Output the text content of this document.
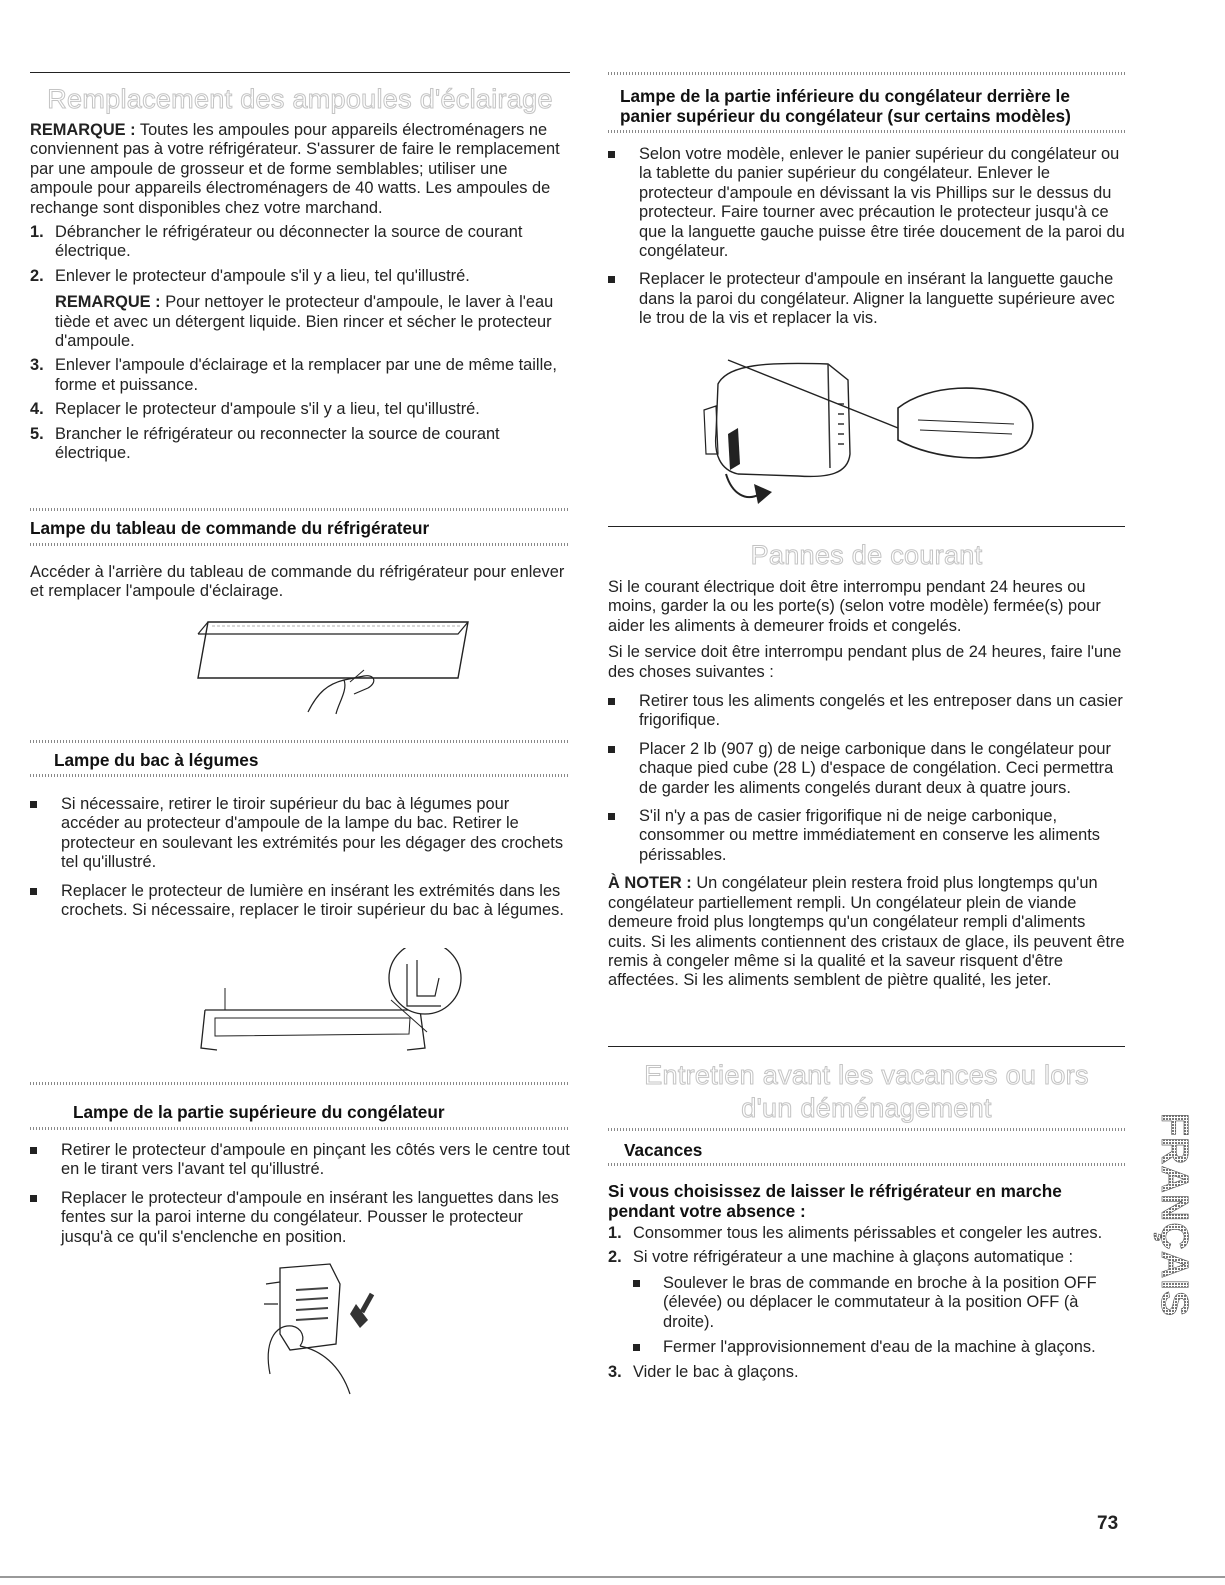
Remplacement des ampoules d'éclairage

REMARQUE : Toutes les ampoules pour appareils électroménagers ne conviennent pas à votre réfrigérateur. S'assurer de faire le remplacement par une ampoule de grosseur et de forme semblables; utiliser une ampoule pour appareils électroménagers de 40 watts. Les ampoules de rechange sont disponibles chez votre marchand.

1. Débrancher le réfrigérateur ou déconnecter la source de courant électrique.
2. Enlever le protecteur d'ampoule s'il y a lieu, tel qu'illustré.

REMARQUE : Pour nettoyer le protecteur d'ampoule, le laver à l'eau tiède et avec un détergent liquide. Bien rincer et sécher le protecteur d'ampoule.

3. Enlever l'ampoule d'éclairage et la remplacer par une de même taille, forme et puissance.
4. Replacer le protecteur d'ampoule s'il y a lieu, tel qu'illustré.
5. Brancher le réfrigérateur ou reconnecter la source de courant électrique.
Lampe du tableau de commande du réfrigérateur

Accéder à l'arrière du tableau de commande du réfrigérateur pour enlever et remplacer l'ampoule d'éclairage.

Lampe du bac à légumes
Si nécessaire, retirer le tiroir supérieur du bac à légumes pour accéder au protecteur d'ampoule de la lampe du bac. Retirer le protecteur en soulevant les extrémités pour les dégager des crochets tel qu'illustré.
Replacer le protecteur de lumière en insérant les extrémités dans les crochets. Si nécessaire, replacer le tiroir supérieur du bac à légumes.
Lampe de la partie supérieure du congélateur
Retirer le protecteur d'ampoule en pinçant les côtés vers le centre tout en le tirant vers l'avant tel qu'illustré.
Replacer le protecteur d'ampoule en insérant les languettes dans les fentes sur la paroi interne du congélateur. Pousser le protecteur jusqu'à ce qu'il s'enclenche en position.
Lampe de la partie inférieure du congélateur derrière le panier supérieur du congélateur (sur certains modèles)
Selon votre modèle, enlever le panier supérieur du congélateur ou la tablette du panier supérieur du congélateur. Enlever le protecteur d'ampoule en dévissant la vis Phillips sur le dessus du protecteur. Faire tourner avec précaution le protecteur jusqu'à ce que la languette gauche puisse être tirée doucement de la paroi du congélateur.
Replacer le protecteur d'ampoule en insérant la languette gauche dans la paroi du congélateur. Aligner la languette supérieure avec le trou de la vis et replacer la vis.
Pannes de courant

Si le courant électrique doit être interrompu pendant 24 heures ou moins, garder la ou les porte(s) (selon votre modèle) fermée(s) pour aider les aliments à demeurer froids et congelés.

Si le service doit être interrompu pendant plus de 24 heures, faire l'une des choses suivantes :

Retirer tous les aliments congelés et les entreposer dans un casier frigorifique.
Placer 2 lb (907 g) de neige carbonique dans le congélateur pour chaque pied cube (28 L) d'espace de congélation. Ceci permettra de garder les aliments congelés durant deux à quatre jours.
S'il n'y a pas de casier frigorifique ni de neige carbonique, consommer ou mettre immédiatement en conserve les aliments périssables.

À NOTER : Un congélateur plein restera froid plus longtemps qu'un congélateur partiellement rempli. Un congélateur plein de viande demeure froid plus longtemps qu'un congélateur rempli d'aliments cuits. Si les aliments contiennent des cristaux de glace, ils peuvent être remis à congeler même si la qualité et la saveur risquent d'être affectées. Si les aliments semblent de piètre qualité, les jeter.

Entretien avant les vacances ou lors
d'un déménagement
Vacances
Si vous choisissez de laisser le réfrigérateur en marche pendant votre absence :
1. Consommer tous les aliments périssables et congeler les autres.
2. Si votre réfrigérateur a une machine à glaçons automatique :
Soulever le bras de commande en broche à la position OFF (élevée) ou déplacer le commutateur à la position OFF (à droite).
Fermer l'approvisionnement d'eau de la machine à glaçons.
3. Vider le bac à glaçons.
FRANÇAIS
73
